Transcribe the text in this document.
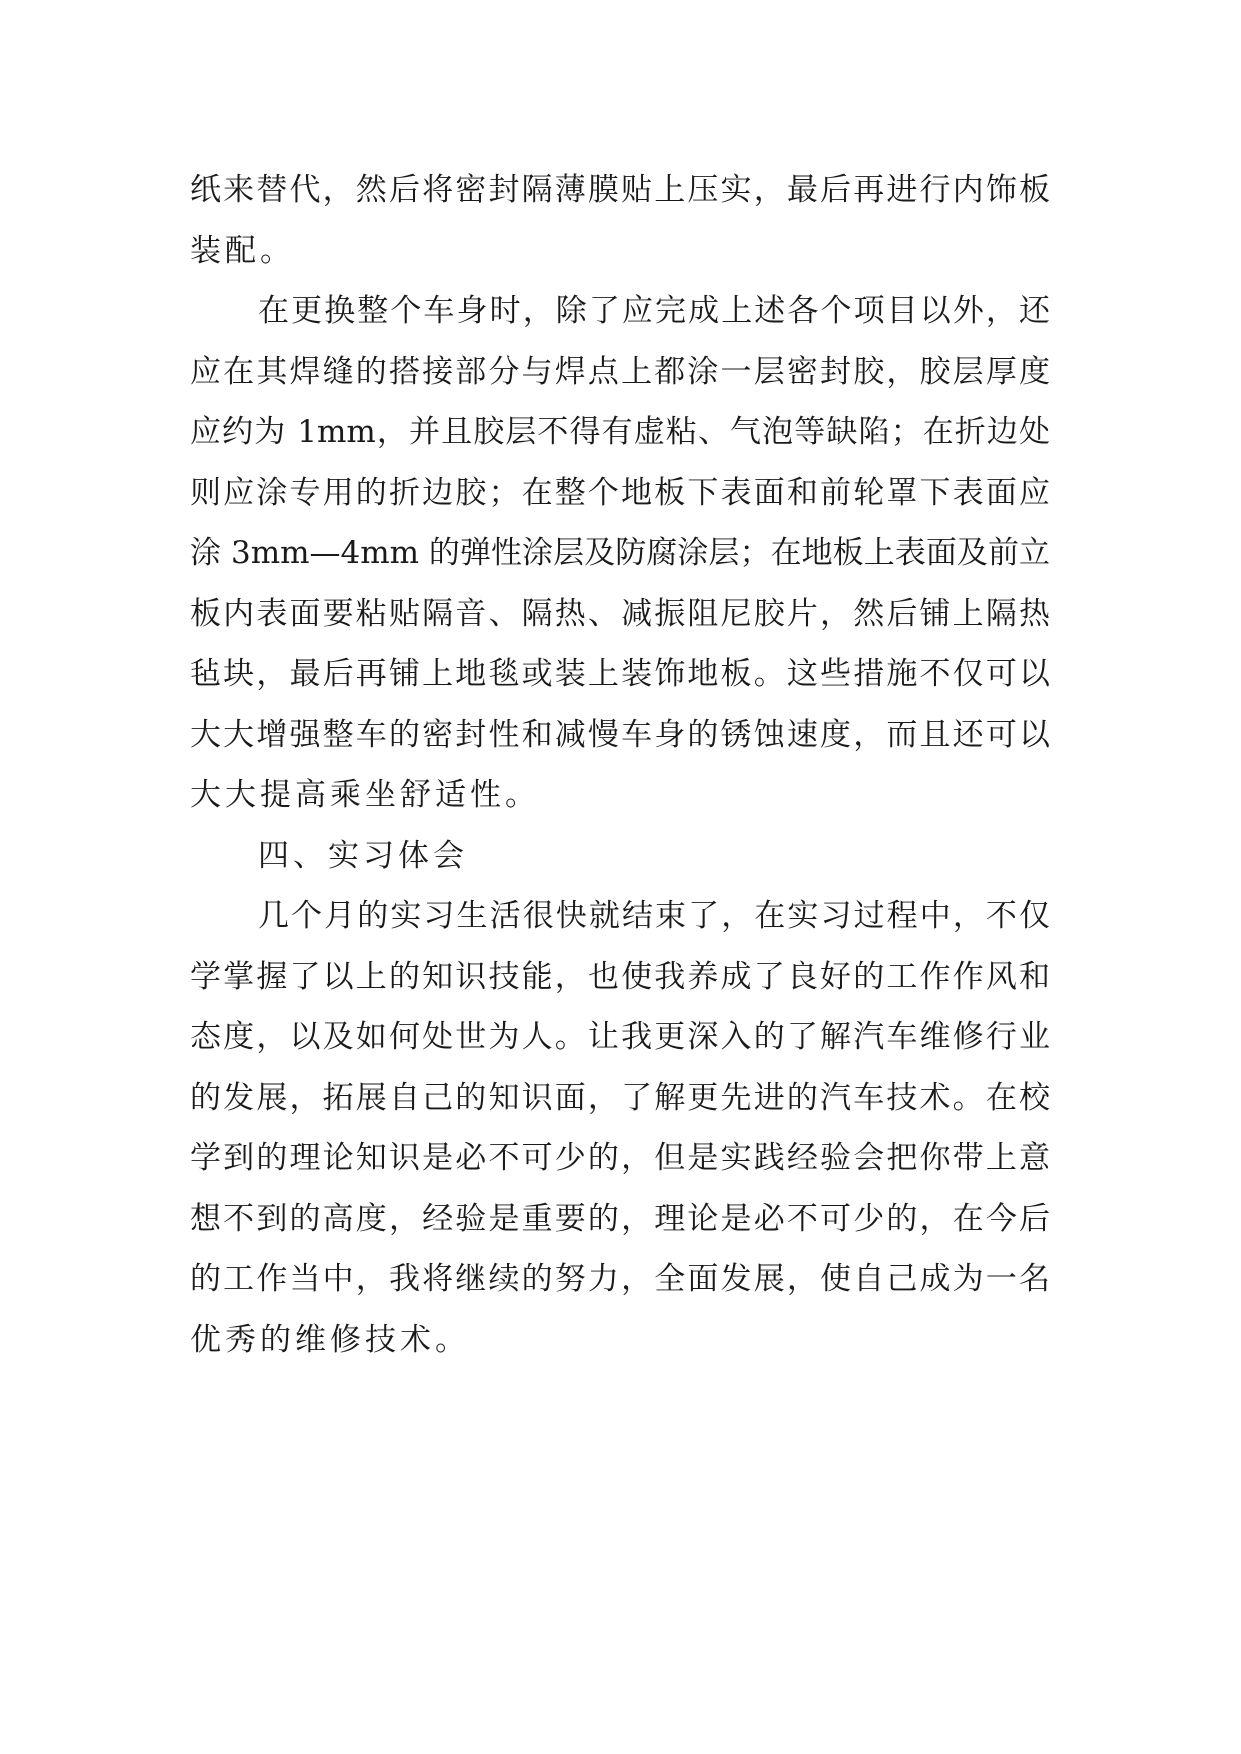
纸来替代，然后将密封隔薄膜贴上压实，最后再进行内饰板
装配。
在更换整个车身时，除了应完成上述各个项目以外，还
应在其焊缝的搭接部分与焊点上都涂一层密封胶，胶层厚度
应约为 1mm，并且胶层不得有虚粘、气泡等缺陷；在折边处
则应涂专用的折边胶；在整个地板下表面和前轮罩下表面应
涂 3mm—4mm 的弹性涂层及防腐涂层；在地板上表面及前立
板内表面要粘贴隔音、隔热、减振阻尼胶片，然后铺上隔热
毡块，最后再铺上地毯或装上装饰地板。这些措施不仅可以
大大增强整车的密封性和减慢车身的锈蚀速度，而且还可以
大大提高乘坐舒适性。
四、实习体会
几个月的实习生活很快就结束了，在实习过程中，不仅
学掌握了以上的知识技能，也使我养成了良好的工作作风和
态度，以及如何处世为人。让我更深入的了解汽车维修行业
的发展，拓展自己的知识面，了解更先进的汽车技术。在校
学到的理论知识是必不可少的，但是实践经验会把你带上意
想不到的高度，经验是重要的，理论是必不可少的，在今后
的工作当中，我将继续的努力，全面发展，使自己成为一名
优秀的维修技术。
